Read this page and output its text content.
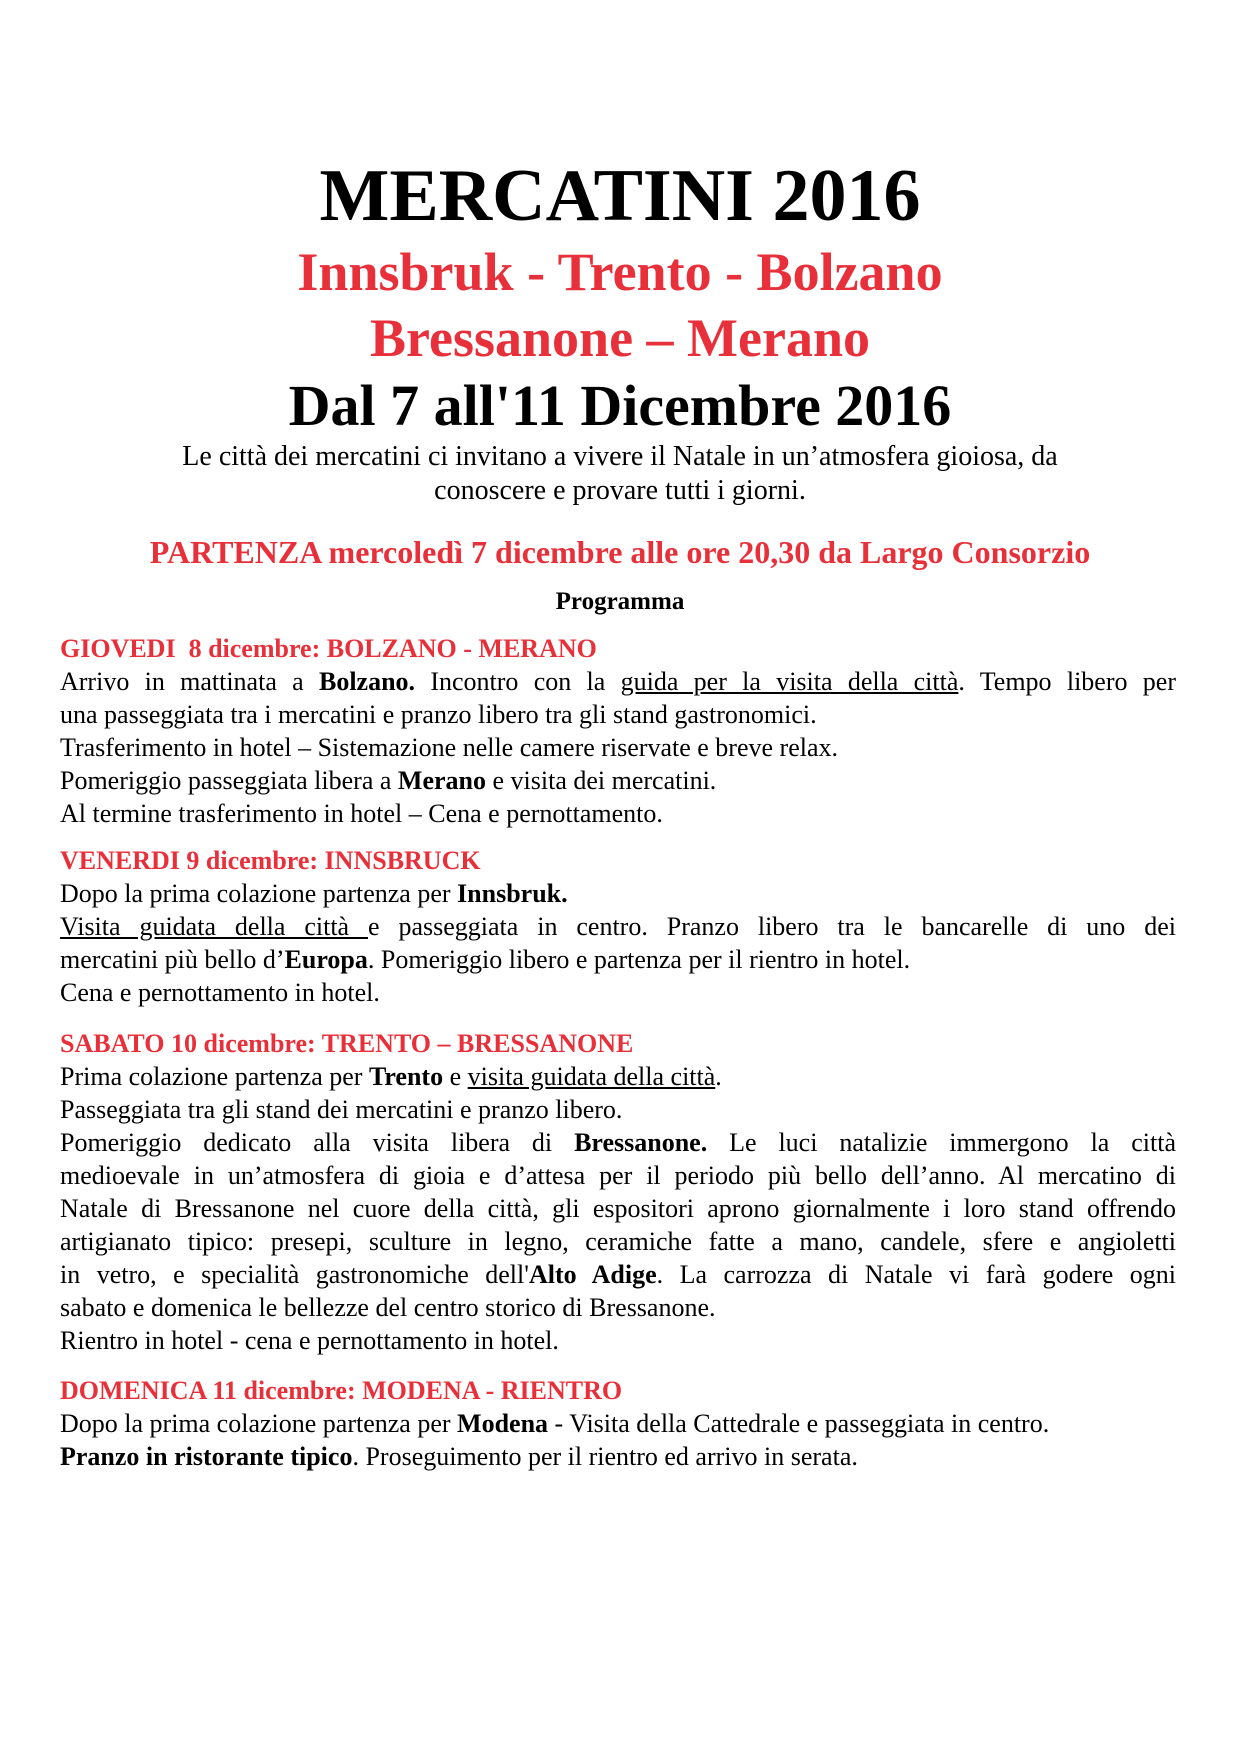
MERCATINI 2016
Innsbruk - Trento - Bolzano
Bressanone – Merano
Dal 7 all'11 Dicembre 2016
Le città dei mercatini ci invitano a vivere il Natale in un’atmosfera gioiosa, da
conoscere e provare tutti i giorni.
PARTENZA mercoledì 7 dicembre alle ore 20,30 da Largo Consorzio
Programma
GIOVEDI  8 dicembre: BOLZANO - MERANO
Arrivo in mattinata a Bolzano. Incontro con la guida per la visita della città. Tempo libero per
una passeggiata tra i mercatini e pranzo libero tra gli stand gastronomici.
Trasferimento in hotel – Sistemazione nelle camere riservate e breve relax.
Pomeriggio passeggiata libera a Merano e visita dei mercatini.
Al termine trasferimento in hotel – Cena e pernottamento.
VENERDI 9 dicembre: INNSBRUCK
Dopo la prima colazione partenza per Innsbruk.
Visita guidata della città e passeggiata in centro. Pranzo libero tra le bancarelle di uno dei
mercatini più bello d’Europa. Pomeriggio libero e partenza per il rientro in hotel.
Cena e pernottamento in hotel.
SABATO 10 dicembre: TRENTO – BRESSANONE
Prima colazione partenza per Trento e visita guidata della città.
Passeggiata tra gli stand dei mercatini e pranzo libero.
Pomeriggio dedicato alla visita libera di Bressanone. Le luci natalizie immergono la città
medioevale in un’atmosfera di gioia e d’attesa per il periodo più bello dell’anno. Al mercatino di
Natale di Bressanone nel cuore della città, gli espositori aprono giornalmente i loro stand offrendo
artigianato tipico: presepi, sculture in legno, ceramiche fatte a mano, candele, sfere e angioletti
in vetro, e specialità gastronomiche dell'Alto Adige. La carrozza di Natale vi farà godere ogni
sabato e domenica le bellezze del centro storico di Bressanone.
Rientro in hotel - cena e pernottamento in hotel.
DOMENICA 11 dicembre: MODENA - RIENTRO
Dopo la prima colazione partenza per Modena - Visita della Cattedrale e passeggiata in centro.
Pranzo in ristorante tipico. Proseguimento per il rientro ed arrivo in serata.
